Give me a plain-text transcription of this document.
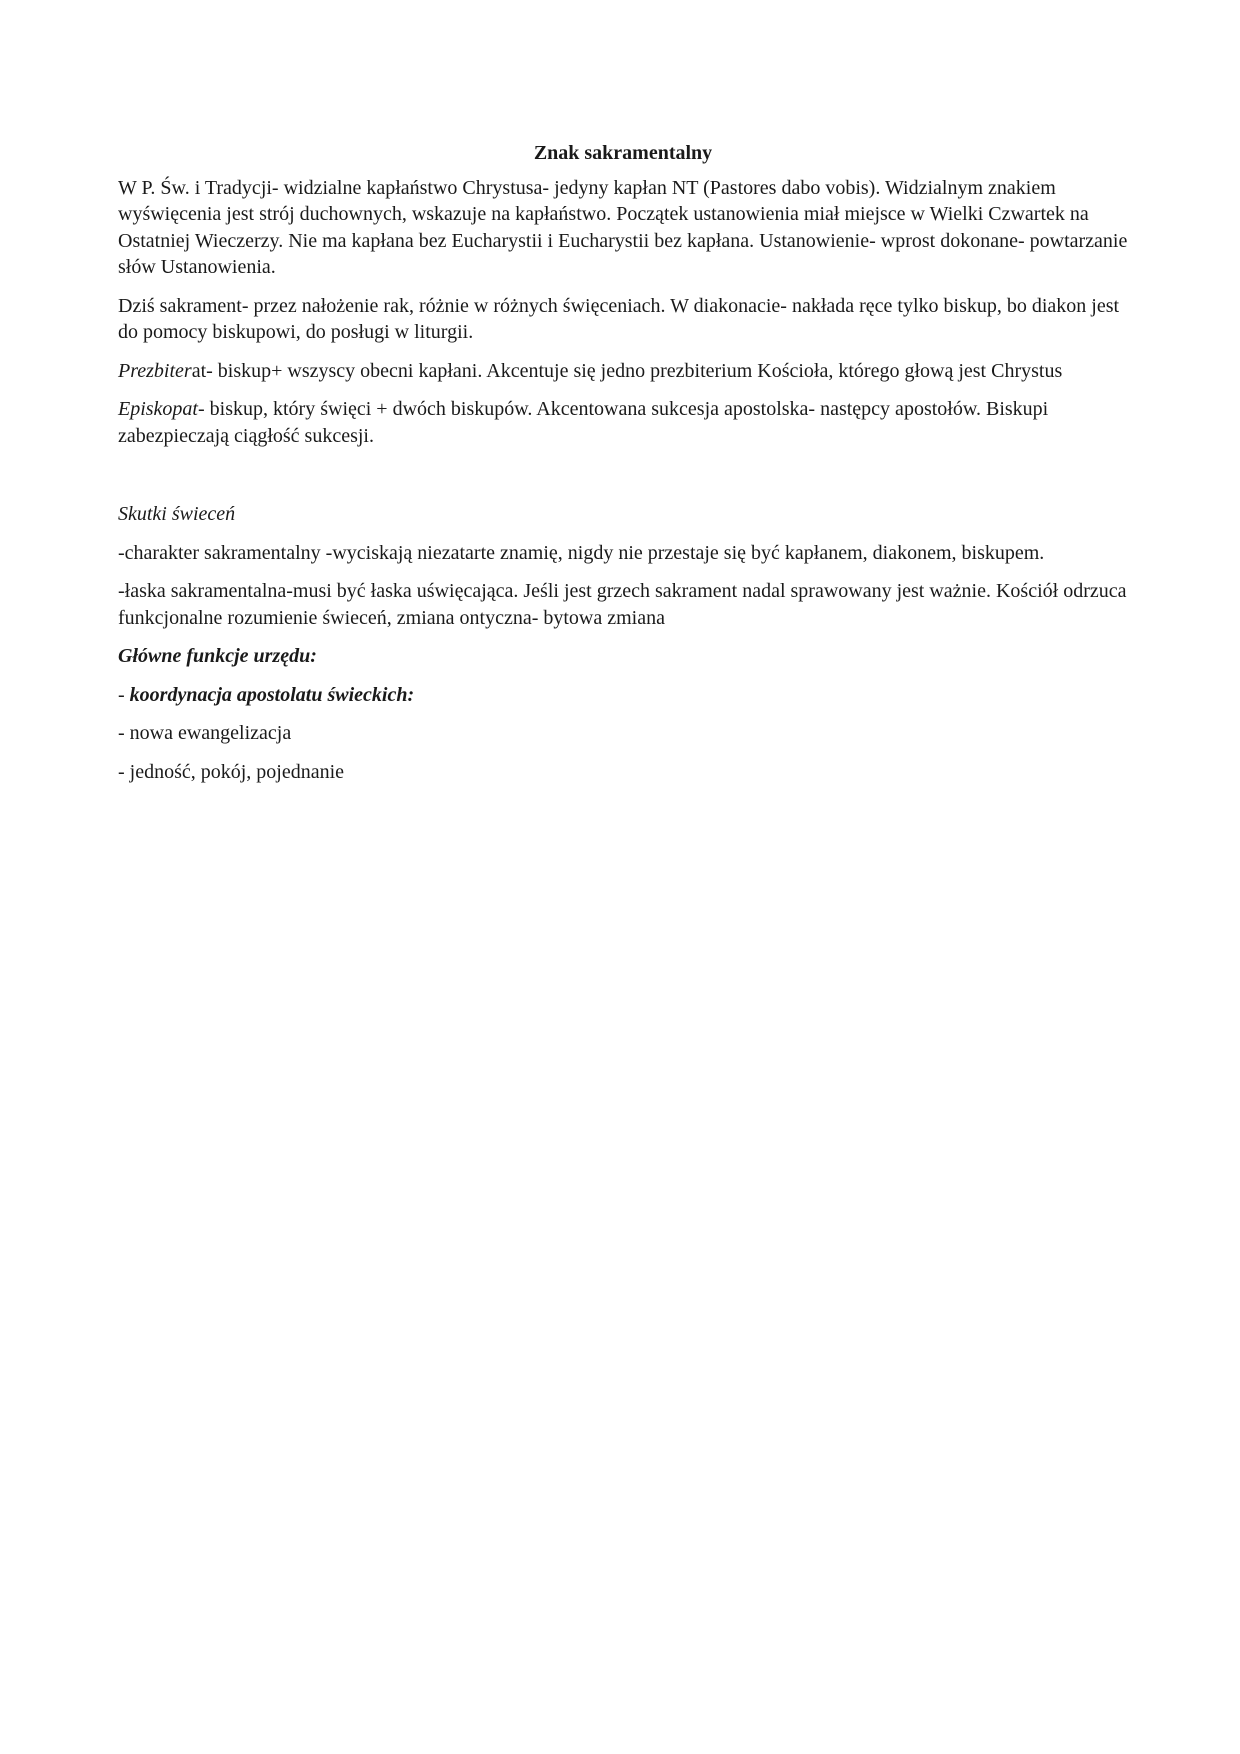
Znak sakramentalny

W P. Św. i Tradycji- widzialne kapłaństwo Chrystusa- jedyny kapłan NT (Pastores dabo vobis). Widzialnym znakiem wyświęcenia jest strój duchownych, wskazuje na kapłaństwo. Początek ustanowienia miał miejsce w Wielki Czwartek na Ostatniej Wieczerzy. Nie ma kapłana bez Eucharystii i Eucharystii bez kapłana. Ustanowienie- wprost dokonane- powtarzanie słów Ustanowienia.

Dziś sakrament- przez nałożenie rak, różnie w różnych święceniach. W diakonacie- nakłada ręce tylko biskup, bo diakon jest do pomocy biskupowi, do posługi w liturgii.

Prezbiterat- biskup+ wszyscy obecni kapłani. Akcentuje się jedno prezbiterium Kościoła, którego głową jest Chrystus

Episkopat- biskup, który święci + dwóch biskupów. Akcentowana sukcesja apostolska- następcy apostołów. Biskupi zabezpieczają ciągłość sukcesji.

Skutki świeceń

-charakter sakramentalny -wyciskają niezatarte znamię, nigdy nie przestaje się być kapłanem, diakonem, biskupem.

-łaska sakramentalna-musi być łaska uświęcająca. Jeśli jest grzech sakrament nadal sprawowany jest ważnie. Kościół odrzuca funkcjonalne rozumienie świeceń, zmiana ontyczna- bytowa zmiana

Główne funkcje urzędu:

- koordynacja apostolatu świeckich:

- nowa ewangelizacja

- jedność, pokój, pojednanie
